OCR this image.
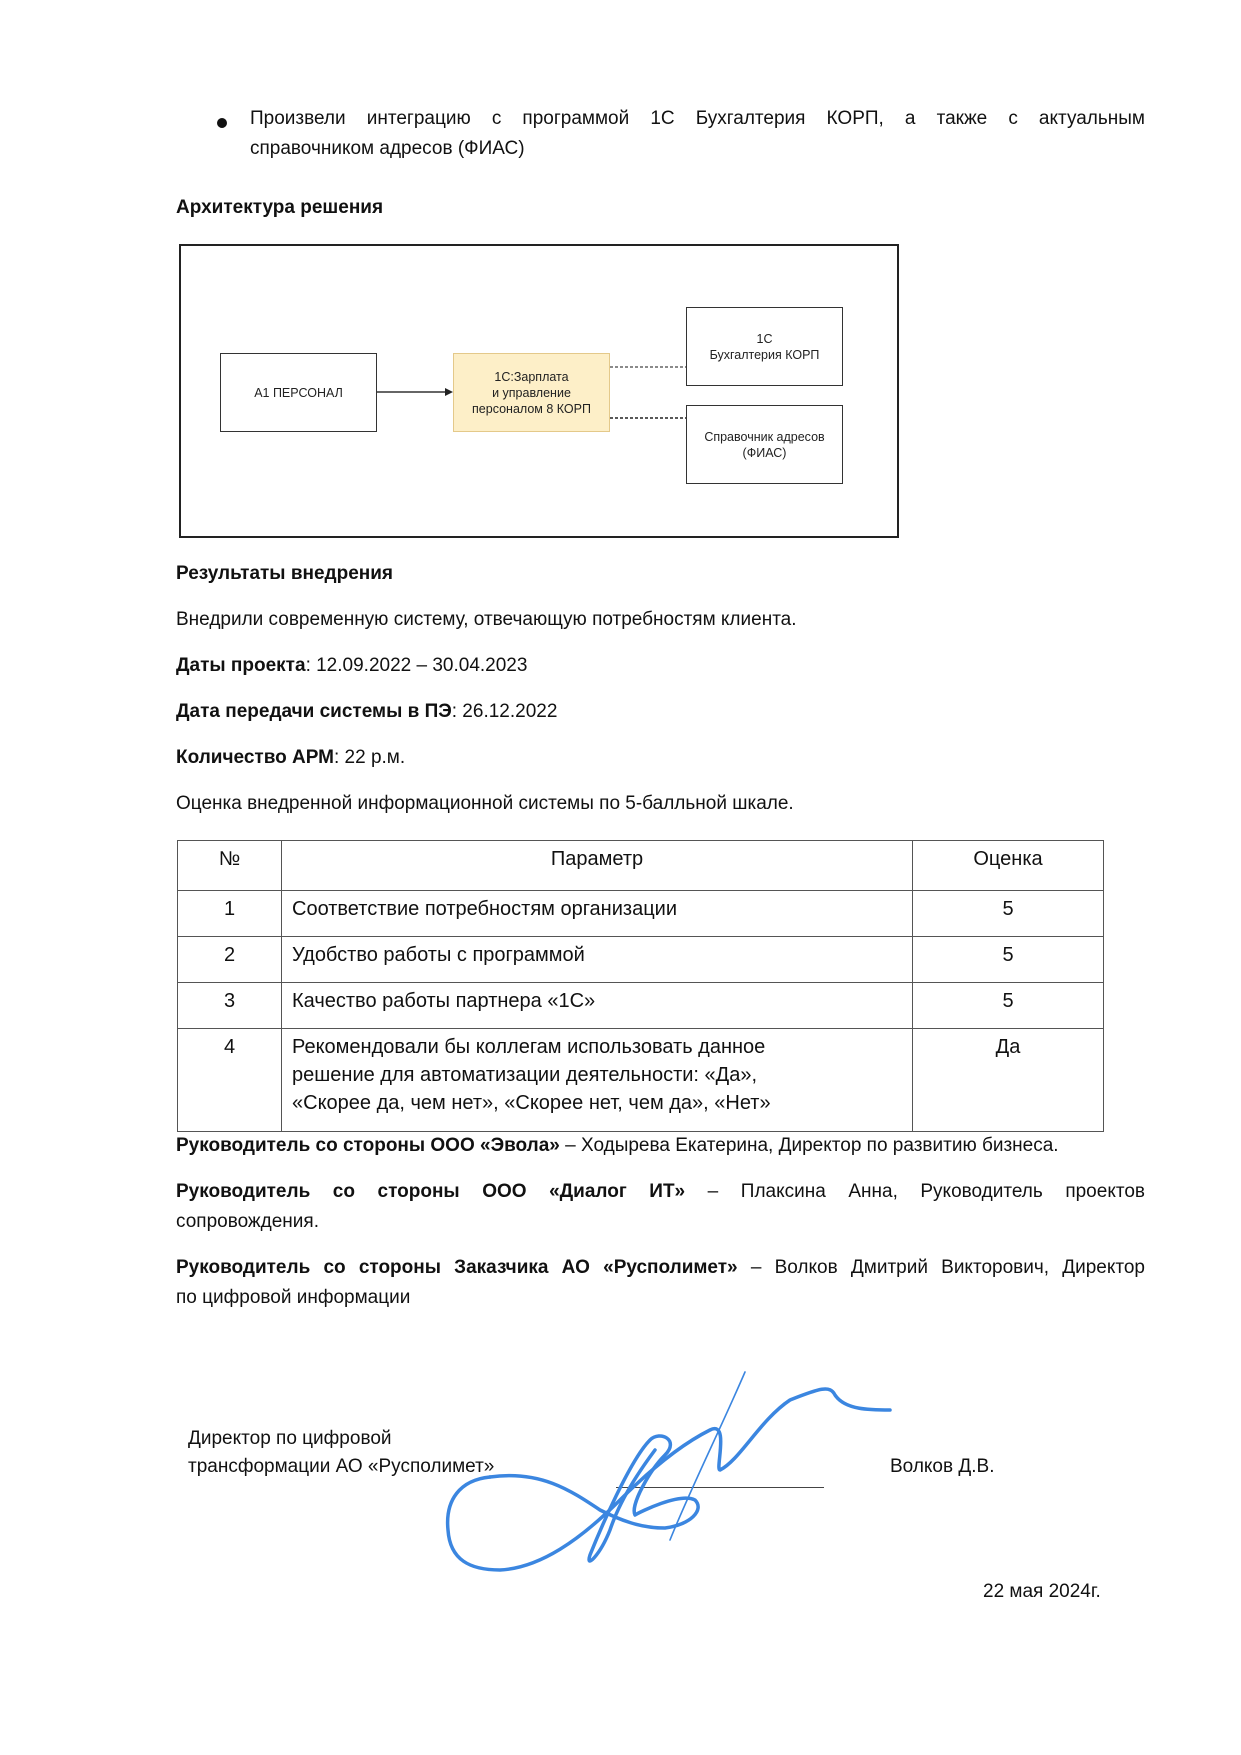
Произвели интеграцию с программой 1С Бухгалтерия КОРП, а также с актуальным
справочником адресов (ФИАС)
Архитектура решения
А1 ПЕРСОНАЛ
1С:Зарплата
и управление
персоналом 8 КОРП
1С
Бухгалтерия КОРП
Справочник адресов
(ФИАС)
Результаты внедрения
Внедрили современную систему, отвечающую потребностям клиента.
Даты проекта: 12.09.2022 – 30.04.2023
Дата передачи системы в ПЭ: 26.12.2022
Количество АРМ: 22 р.м.
Оценка внедренной информационной системы по 5-балльной шкале.
№	Параметр	Оценка
1	Соответствие потребностям организации	5
2	Удобство работы с программой	5
3	Качество работы партнера «1С»	5
4	Рекомендовали бы коллегам использовать данное
решение для автоматизации деятельности: «Да»,
«Скорее да, чем нет», «Скорее нет, чем да», «Нет»	Да
Руководитель со стороны ООО «Эвола» – Ходырева Екатерина, Директор по развитию бизнеса.
Руководитель со стороны ООО «Диалог ИТ» – Плаксина Анна, Руководитель проектов
сопровождения.
Руководитель со стороны Заказчика АО «Русполимет» – Волков Дмитрий Викторович, Директор
по цифровой информации
Директор по цифровой
трансформации АО «Русполимет»	Волков Д.В.
22 мая 2024г.
